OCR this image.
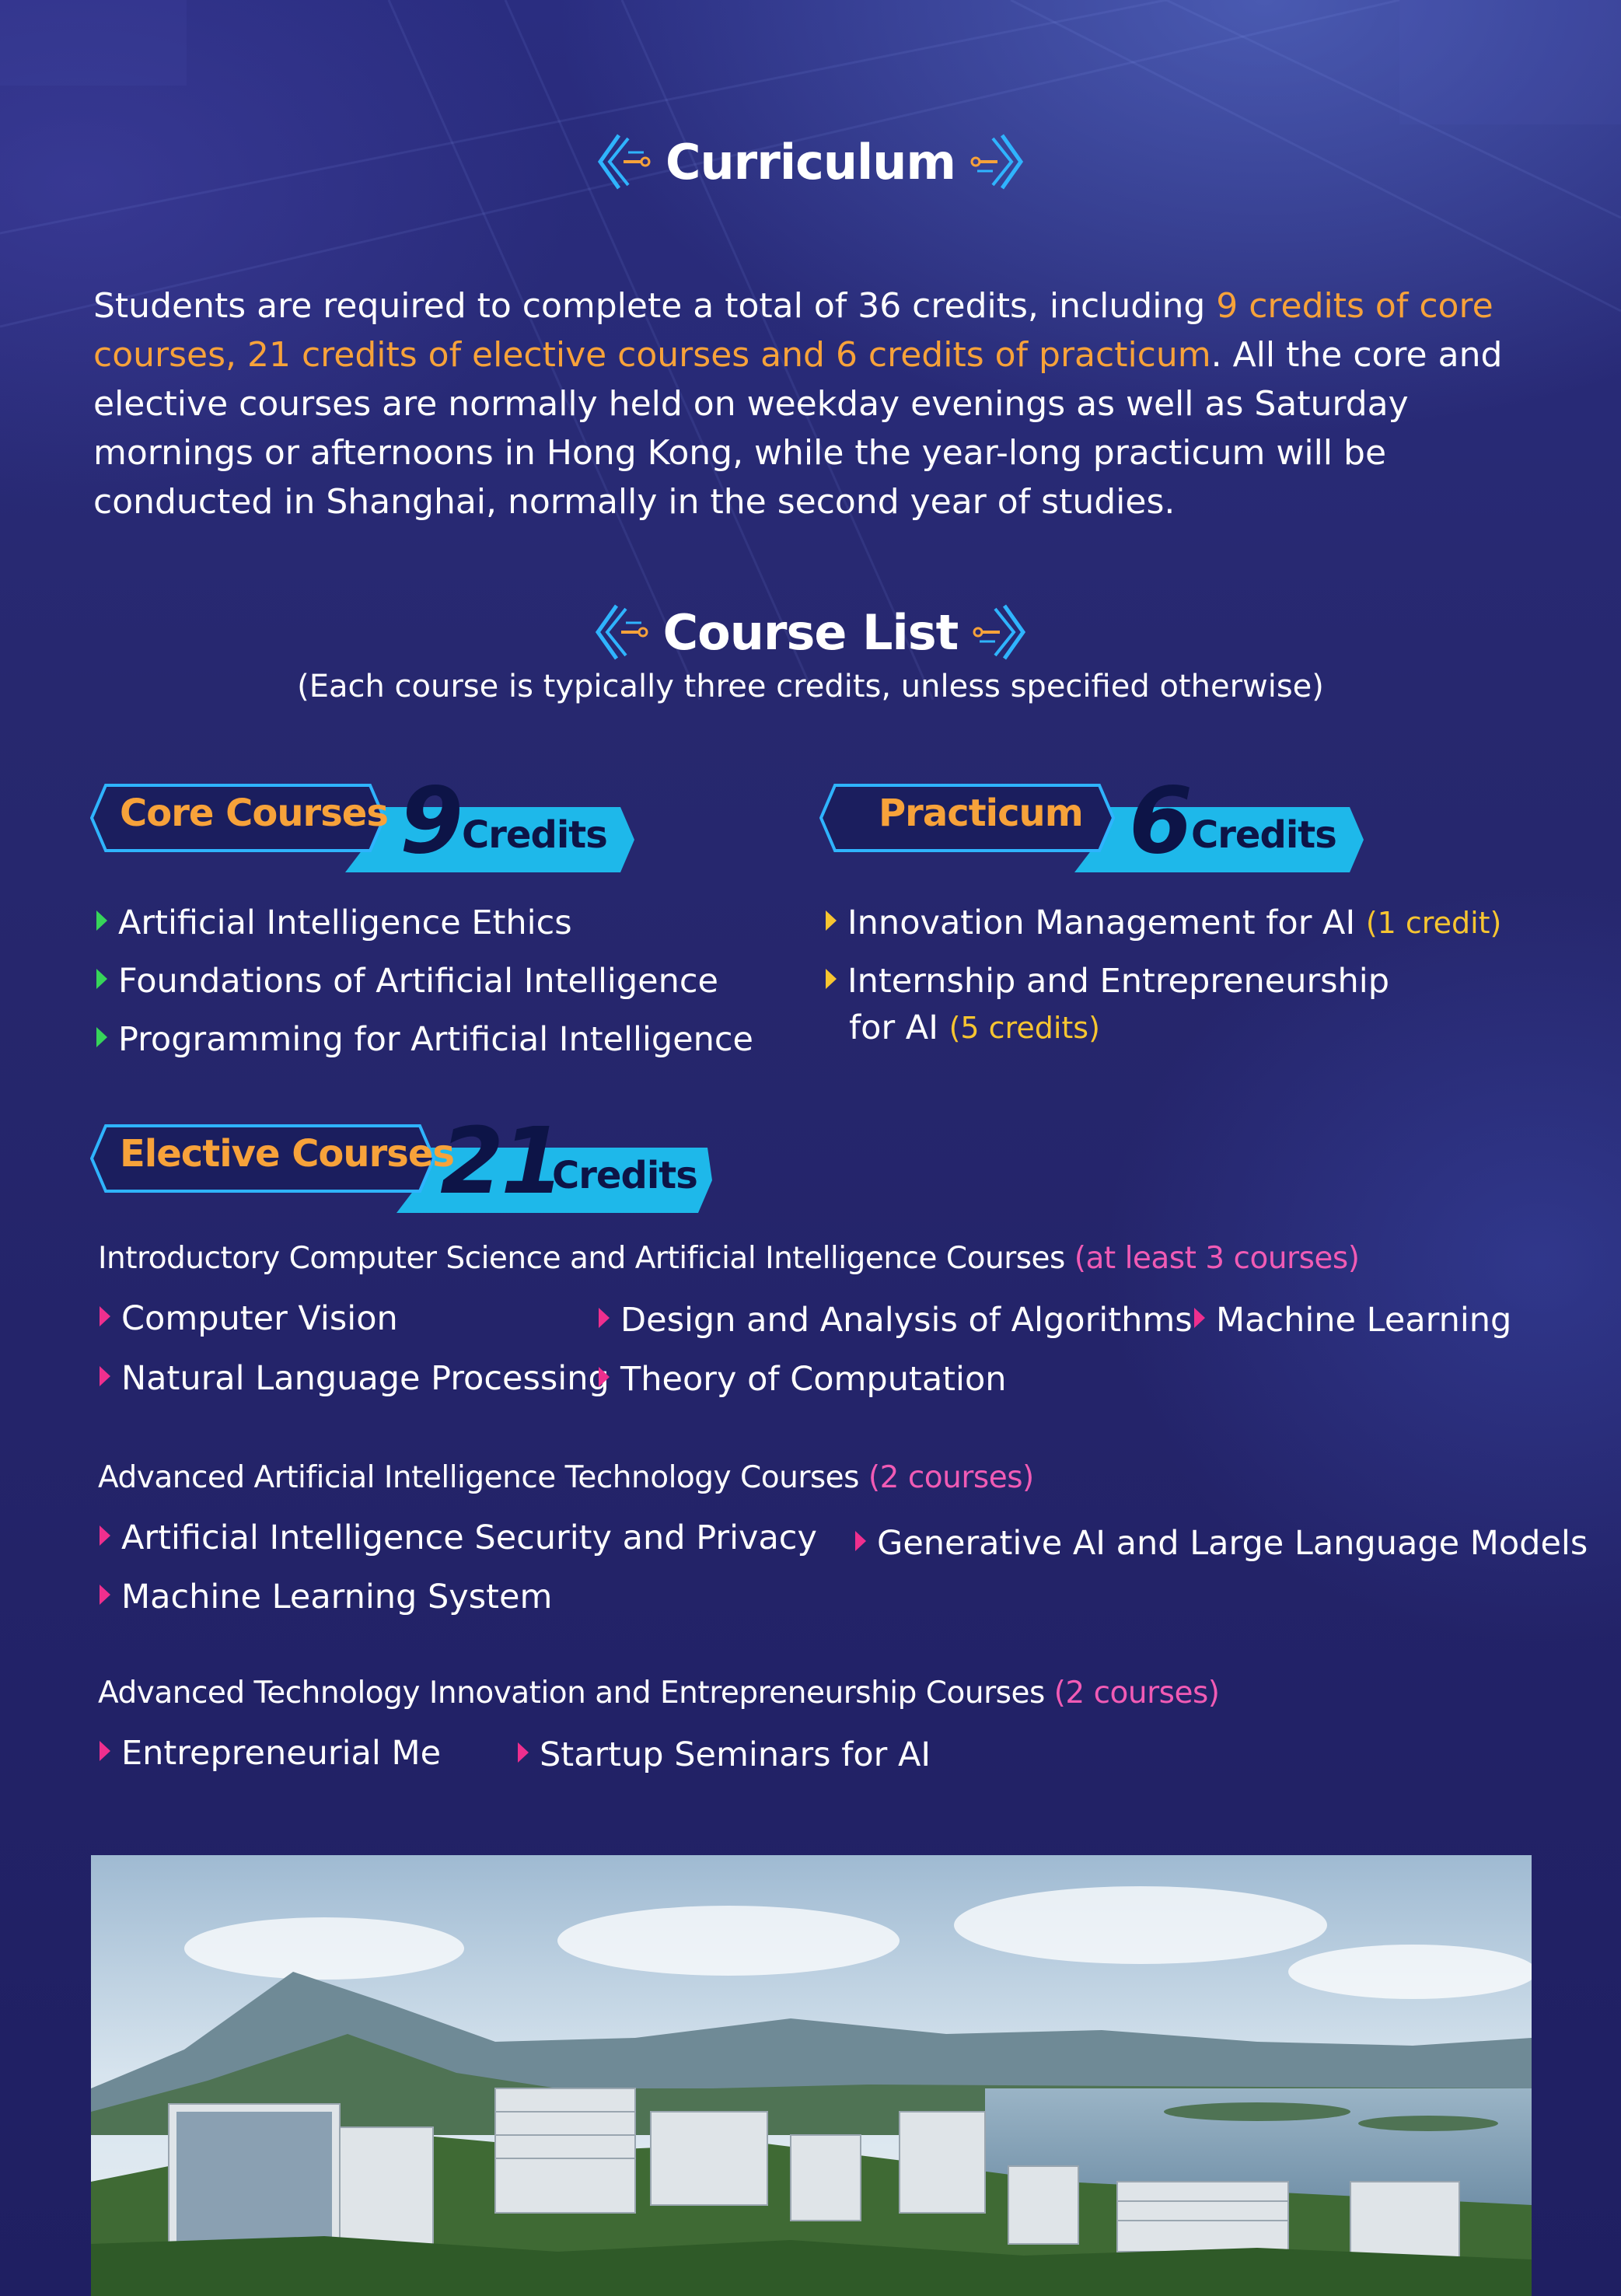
Curriculum
Students are required to complete a total of 36 credits, including 9 credits of core courses, 21 credits of elective courses and 6 credits of practicum. All the core and elective courses are normally held on weekday evenings as well as Saturday mornings or afternoons in Hong Kong, while the year-long practicum will be conducted in Shanghai, normally in the second year of studies.
Course List
(Each course is typically three credits, unless specified otherwise)
Core Courses 9 Credits
Artificial Intelligence Ethics
Foundations of Artificial Intelligence
Programming for Artificial Intelligence
Practicum 6 Credits
Innovation Management for AI
(1 credit)
Internship and Entrepreneurship
for AI
(5 credits)
Elective Courses
21
Credits
Introductory Computer Science and Artificial Intelligence Courses (at least 3 courses)
Computer Vision	Design and Analysis of Algorithms Machine Learning
Natural Language Processing Theory of Computation
Advanced Artificial Intelligence Technology Courses (2 courses)
Artificial Intelligence Security and Privacy Generative AI and Large Language Models
Machine Learning System
Advanced Technology Innovation and Entrepreneurship Courses (2 courses)
Entrepreneurial Me	Startup Seminars for AI
